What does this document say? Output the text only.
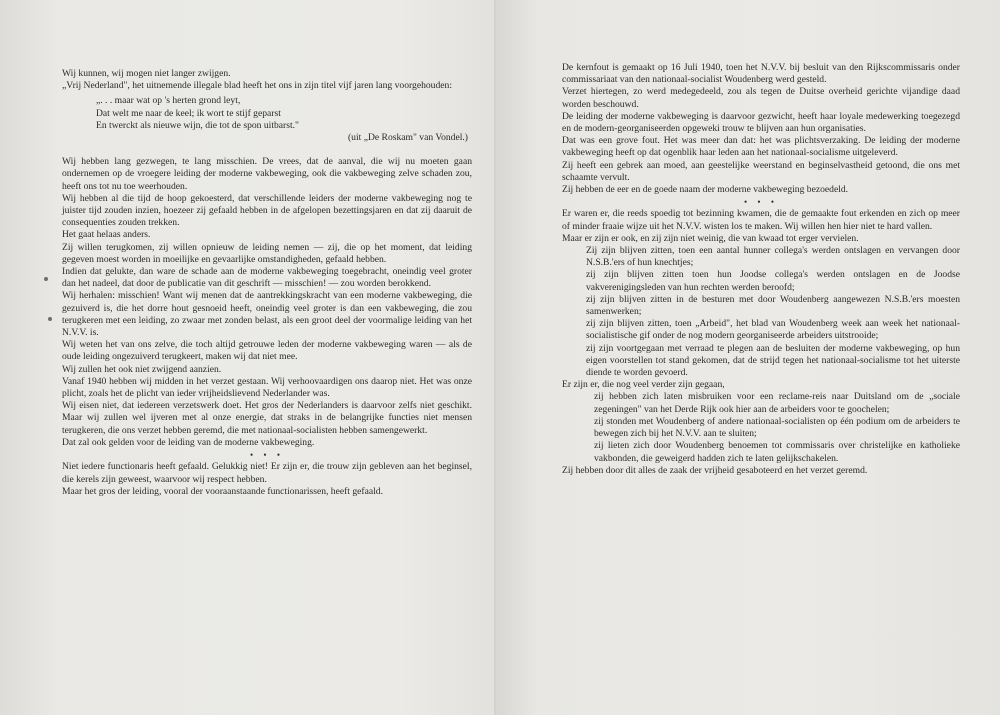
Wij kunnen, wij mogen niet langer zwijgen.

„Vrij Nederland", het uitnemende illegale blad heeft het ons in zijn titel vijf jaren lang voorgehouden:

„. . . maar wat op 's herten grond leyt,

Dat welt me naar de keel; ik wort te stijf geparst

En twerckt als nieuwe wijn, die tot de spon uitbarst."

(uit „De Roskam" van Vondel.)

Wij hebben lang gezwegen, te lang misschien. De vrees, dat de aanval, die wij nu moeten gaan ondernemen op de vroegere leiding der moderne vakbeweging, ook die vakbeweging zelve schaden zou, heeft ons tot nu toe weerhouden.

Wij hebben al die tijd de hoop gekoesterd, dat verschillende leiders der moderne vakbeweging nog te juister tijd zouden inzien, hoezeer zij gefaald hebben in de afgelopen bezettingsjaren en dat zij daaruit de consequenties zouden trekken.

Het gaat helaas anders.

Zij willen terugkomen, zij willen opnieuw de leiding nemen — zij, die op het moment, dat leiding gegeven moest worden in moeilijke en gevaarlijke omstandigheden, gefaald hebben.

Indien dat gelukte, dan ware de schade aan de moderne vakbeweging toegebracht, oneindig veel groter dan het nadeel, dat door de publicatie van dit geschrift — misschien! — zou worden berokkend.

Wij herhalen: misschien! Want wij menen dat de aantrekkingskracht van een moderne vakbeweging, die gezuiverd is, die het dorre hout gesnoeid heeft, oneindig veel groter is dan een vakbeweging, die zou terugkeren met een leiding, zo zwaar met zonden belast, als een groot deel der voormalige leiding van het N.V.V. is.

Wij weten het van ons zelve, die toch altijd getrouwe leden der moderne vakbeweging waren — als de oude leiding ongezuiverd terugkeert, maken wij dat niet mee.

Wij zullen het ook niet zwijgend aanzien.

Vanaf 1940 hebben wij midden in het verzet gestaan. Wij verhoovaardigen ons daarop niet. Het was onze plicht, zoals het de plicht van ieder vrijheidslievend Nederlander was.

Wij eisen niet, dat iedereen verzetswerk doet. Het gros der Nederlanders is daarvoor zelfs niet geschikt. Maar wij zullen wel ijveren met al onze energie, dat straks in de belangrijke functies niet mensen terugkeren, die ons verzet hebben geremd, die met nationaal-socialisten hebben samengewerkt.

Dat zal ook gelden voor de leiding van de moderne vakbeweging.

• • •

Niet iedere functionaris heeft gefaald. Gelukkig niet! Er zijn er, die trouw zijn gebleven aan het beginsel, die kerels zijn geweest, waarvoor wij respect hebben.

Maar het gros der leiding, vooral der vooraanstaande functionarissen, heeft gefaald.

De kernfout is gemaakt op 16 Juli 1940, toen het N.V.V. bij besluit van den Rijkscommissaris onder commissariaat van den nationaal-socialist Woudenberg werd gesteld.

Verzet hiertegen, zo werd medegedeeld, zou als tegen de Duitse overheid gerichte vijandige daad worden beschouwd.

De leiding der moderne vakbeweging is daarvoor gezwicht, heeft haar loyale medewerking toegezegd en de modern-georganiseerden opgeweki trouw te blijven aan hun organisaties.

Dat was een grove fout. Het was meer dan dat: het was plichtsverzaking. De leiding der moderne vakbeweging heeft op dat ogenblik haar leden aan het nationaal-socialisme uitgeleverd.

Zij heeft een gebrek aan moed, aan geestelijke weerstand en beginselvastheid getoond, die ons met schaamte vervult.

Zij hebben de eer en de goede naam der moderne vakbeweging bezoedeld.

• • •

Er waren er, die reeds spoedig tot bezinning kwamen, die de gemaakte fout erkenden en zich op meer of minder fraaie wijze uit het N.V.V. wisten los te maken. Wij willen hen hier niet te hard vallen.

Maar er zijn er ook, en zij zijn niet weinig, die van kwaad tot erger vervielen.

Zij zijn blijven zitten, toen een aantal hunner collega's werden ontslagen en vervangen door N.S.B.'ers of hun knechtjes;

zij zijn blijven zitten toen hun Joodse collega's werden ontslagen en de Joodse vakverenigingsleden van hun rechten werden beroofd;

zij zijn blijven zitten in de besturen met door Woudenberg aangewezen N.S.B.'ers moesten samenwerken;

zij zijn blijven zitten, toen „Arbeid", het blad van Woudenberg week aan week het nationaal-socialistische gif onder de nog modern georganiseerde arbeiders uitstrooide;

zij zijn voortgegaan met verraad te plegen aan de besluiten der moderne vakbeweging, op hun eigen voorstellen tot stand gekomen, dat de strijd tegen het nationaal-socialisme tot het uiterste diende te worden gevoerd.

Er zijn er, die nog veel verder zijn gegaan,

zij hebben zich laten misbruiken voor een reclame-reis naar Duitsland om de „sociale zegeningen" van het Derde Rijk ook hier aan de arbeiders voor te goochelen;

zij stonden met Woudenberg of andere nationaal-socialisten op één podium om de arbeiders te bewegen zich bij het N.V.V. aan te sluiten;

zij lieten zich door Woudenberg benoemen tot commissaris over christelijke en katholieke vakbonden, die geweigerd hadden zich te laten gelijkschakelen.

Zij hebben door dit alles de zaak der vrijheid gesaboteerd en het verzet geremd.
